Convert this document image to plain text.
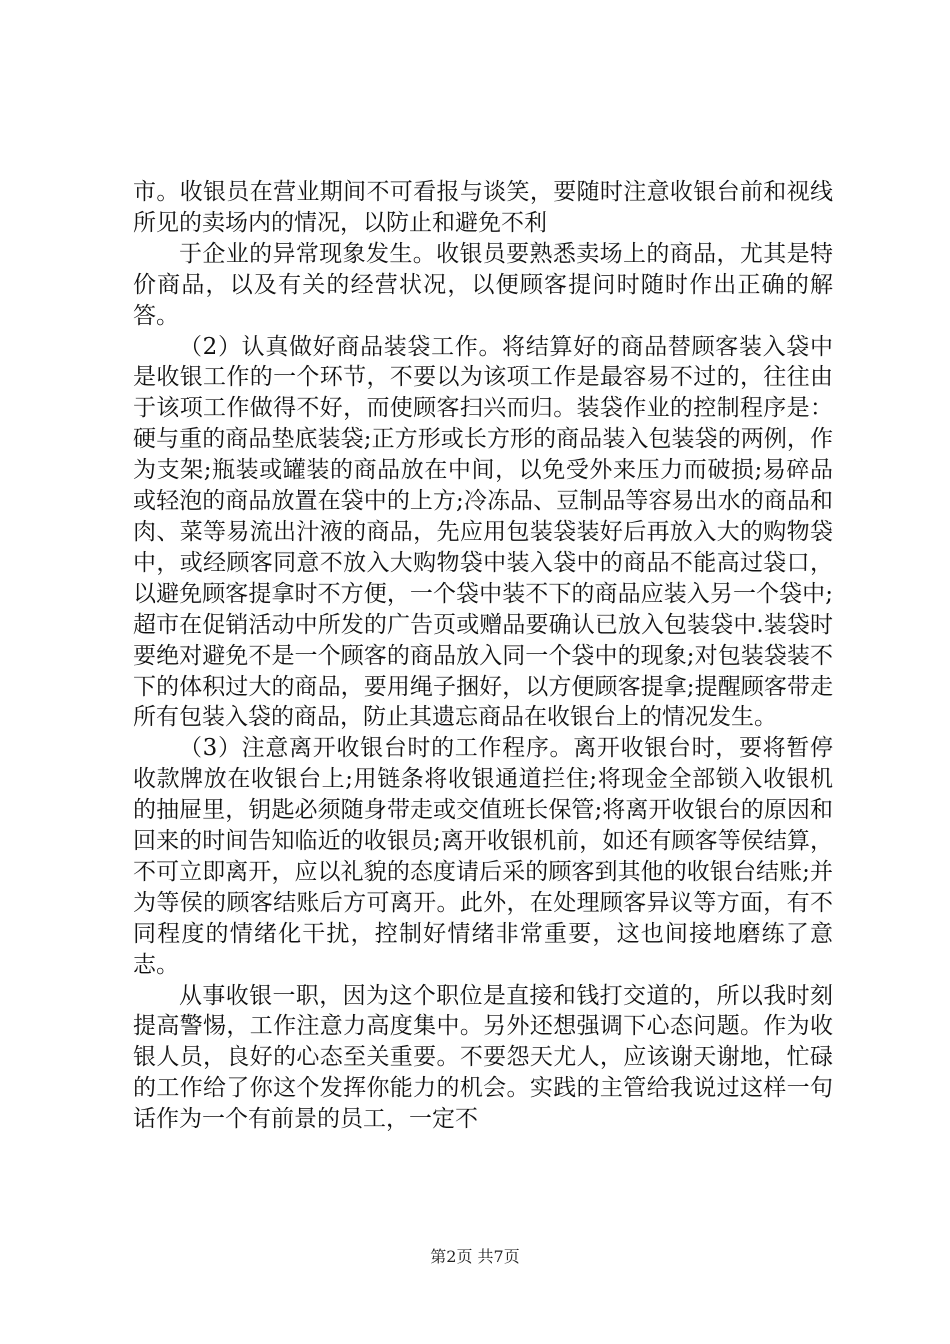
市。收银员在营业期间不可看报与谈笑，要随时注意收银台前和视线所见的卖场内的情况，以防止和避免不利

于企业的异常现象发生。收银员要熟悉卖场上的商品，尤其是特价商品，以及有关的经营状况，以便顾客提问时随时作出正确的解答。

（2）认真做好商品装袋工作。将结算好的商品替顾客装入袋中是收银工作的一个环节，不要以为该项工作是最容易不过的，往往由于该项工作做得不好，而使顾客扫兴而归。装袋作业的控制程序是：硬与重的商品垫底装袋;正方形或长方形的商品装入包装袋的两例，作为支架;瓶装或罐装的商品放在中间，以免受外来压力而破损;易碎品或轻泡的商品放置在袋中的上方;冷冻品、豆制品等容易出水的商品和肉、菜等易流出汁液的商品，先应用包装袋装好后再放入大的购物袋中，或经顾客同意不放入大购物袋中装入袋中的商品不能高过袋口，以避免顾客提拿时不方便，一个袋中装不下的商品应装入另一个袋中;超市在促销活动中所发的广告页或赠品要确认已放入包装袋中.装袋时要绝对避免不是一个顾客的商品放入同一个袋中的现象;对包装袋装不下的体积过大的商品，要用绳子捆好，以方便顾客提拿;提醒顾客带走所有包装入袋的商品，防止其遗忘商品在收银台上的情况发生。

（3）注意离开收银台时的工作程序。离开收银台时，要将暂停收款牌放在收银台上;用链条将收银通道拦住;将现金全部锁入收银机的抽屉里，钥匙必须随身带走或交值班长保管;将离开收银台的原因和回来的时间告知临近的收银员;离开收银机前，如还有顾客等侯结算，不可立即离开，应以礼貌的态度请后采的顾客到其他的收银台结账;并为等侯的顾客结账后方可离开。此外，在处理顾客异议等方面，有不同程度的情绪化干扰，控制好情绪非常重要，这也间接地磨练了意志。

从事收银一职，因为这个职位是直接和钱打交道的，所以我时刻提高警惕，工作注意力高度集中。另外还想强调下心态问题。作为收银人员，良好的心态至关重要。不要怨天尤人，应该谢天谢地，忙碌的工作给了你这个发挥你能力的机会。实践的主管给我说过这样一句话作为一个有前景的员工，一定不

第2页 共7页
